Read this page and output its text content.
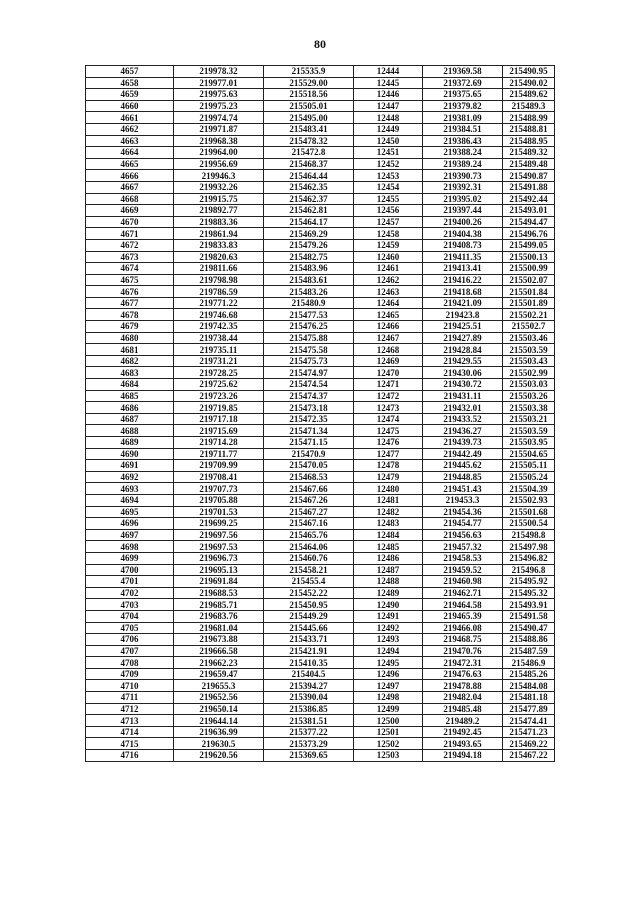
80
4657	219978.32	215535.9	12444	219369.58	215490.95
4658	219977.01	215529.00	12445	219372.69	215490.02
4659	219975.63	215518.56	12446	219375.65	215489.62
4660	219975.23	215505.01	12447	219379.82	215489.3
4661	219974.74	215495.00	12448	219381.09	215488.99
4662	219971.87	215483.41	12449	219384.51	215488.81
4663	219968.38	215478.32	12450	219386.43	215488.95
4664	219964.00	215472.8	12451	219388.24	215489.32
4665	219956.69	215468.37	12452	219389.24	215489.48
4666	219946.3	215464.44	12453	219390.73	215490.87
4667	219932.26	215462.35	12454	219392.31	215491.88
4668	219915.75	215462.37	12455	219395.02	215492.44
4669	219892.77	215462.81	12456	219397.44	215493.01
4670	219883.36	215464.17	12457	219400.26	215494.47
4671	219861.94	215469.29	12458	219404.38	215496.76
4672	219833.83	215479.26	12459	219408.73	215499.05
4673	219820.63	215482.75	12460	219411.35	215500.13
4674	219811.66	215483.96	12461	219413.41	215500.99
4675	219798.98	215483.61	12462	219416.22	215502.07
4676	219786.59	215483.26	12463	219418.68	215501.84
4677	219771.22	215480.9	12464	219421.09	215501.89
4678	219746.68	215477.53	12465	219423.8	215502.21
4679	219742.35	215476.25	12466	219425.51	215502.7
4680	219738.44	215475.88	12467	219427.89	215503.46
4681	219735.11	215475.58	12468	219428.84	215503.59
4682	219731.21	215475.73	12469	219429.55	215503.43
4683	219728.25	215474.97	12470	219430.06	215502.99
4684	219725.62	215474.54	12471	219430.72	215503.03
4685	219723.26	215474.37	12472	219431.11	215503.26
4686	219719.85	215473.18	12473	219432.01	215503.38
4687	219717.18	215472.35	12474	219433.52	215503.21
4688	219715.69	215471.34	12475	219436.27	215503.59
4689	219714.28	215471.15	12476	219439.73	215503.95
4690	219711.77	215470.9	12477	219442.49	215504.65
4691	219709.99	215470.05	12478	219445.62	215505.11
4692	219708.41	215468.53	12479	219448.85	215505.24
4693	219707.73	215467.66	12480	219451.43	215504.39
4694	219705.88	215467.26	12481	219453.3	215502.93
4695	219701.53	215467.27	12482	219454.36	215501.68
4696	219699.25	215467.16	12483	219454.77	215500.54
4697	219697.56	215465.76	12484	219456.63	215498.8
4698	219697.53	215464.06	12485	219457.32	215497.98
4699	219696.73	215460.76	12486	219458.53	215496.82
4700	219695.13	215458.21	12487	219459.52	215496.8
4701	219691.84	215455.4	12488	219460.98	215495.92
4702	219688.53	215452.22	12489	219462.71	215495.32
4703	219685.71	215450.95	12490	219464.58	215493.91
4704	219683.76	215449.29	12491	219465.39	215491.58
4705	219681.04	215445.66	12492	219466.08	215490.47
4706	219673.88	215433.71	12493	219468.75	215488.86
4707	219666.58	215421.91	12494	219470.76	215487.59
4708	219662.23	215410.35	12495	219472.31	215486.9
4709	219659.47	215404.5	12496	219476.63	215485.26
4710	219655.3	215394.27	12497	219478.88	215484.08
4711	219652.56	215390.04	12498	219482.04	215481.18
4712	219650.14	215386.85	12499	219485.48	215477.89
4713	219644.14	215381.51	12500	219489.2	215474.41
4714	219636.99	215377.22	12501	219492.45	215471.23
4715	219630.5	215373.29	12502	219493.65	215469.22
4716	219620.56	215369.65	12503	219494.18	215467.22
